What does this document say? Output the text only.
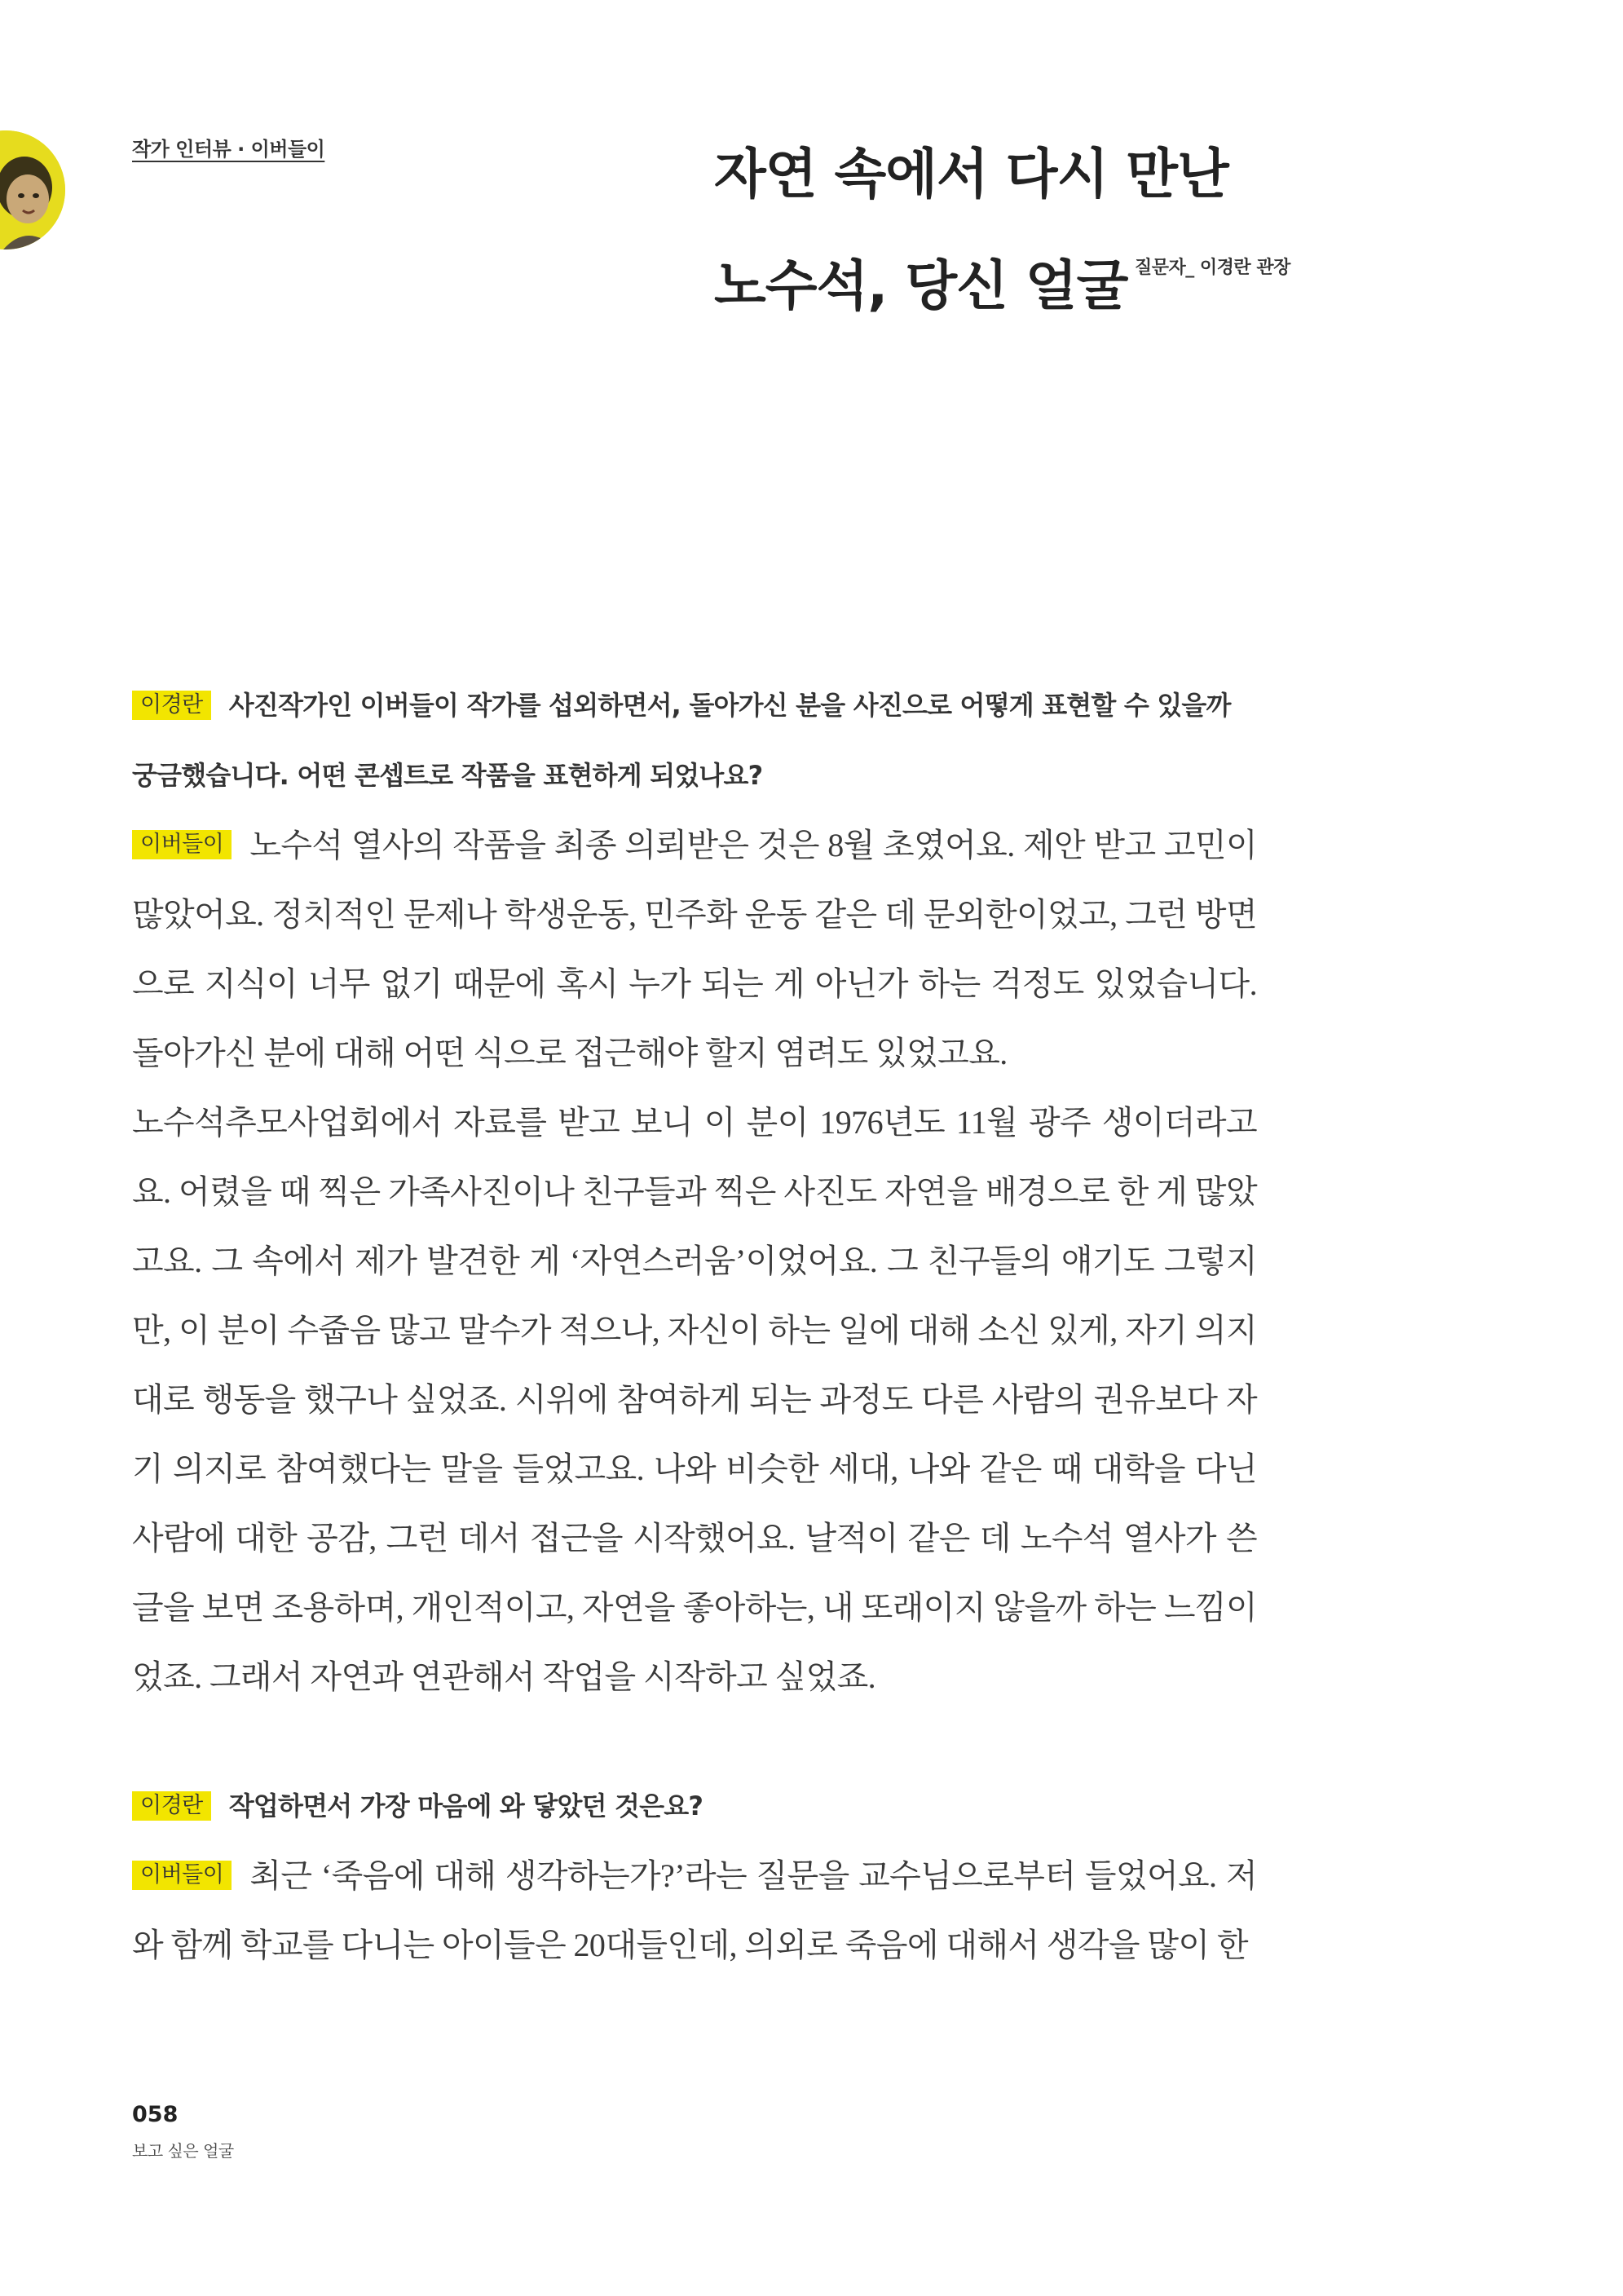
작가 인터뷰 · 이버들이	자연 속에서 다시 만난
노수석, 당신 얼굴 질문자_ 이경란 관장

이경란 사진작가인 이버들이 작가를 섭외하면서, 돌아가신 분을 사진으로 어떻게 표현할 수 있을까 궁금했습니다. 어떤 콘셉트로 작품을 표현하게 되었나요?

이버들이 노수석 열사의 작품을 최종 의뢰받은 것은 8월 초였어요. 제안 받고 고민이 많았어요. 정치적인 문제나 학생운동, 민주화 운동 같은 데 문외한이었고, 그런 방면으로 지식이 너무 없기 때문에 혹시 누가 되는 게 아닌가 하는 걱정도 있었습니다. 돌아가신 분에 대해 어떤 식으로 접근해야 할지 염려도 있었고요.

노수석추모사업회에서 자료를 받고 보니 이 분이 1976년도 11월 광주 생이더라고요. 어렸을 때 찍은 가족사진이나 친구들과 찍은 사진도 자연을 배경으로 한 게 많았고요. 그 속에서 제가 발견한 게 ‘자연스러움’이었어요. 그 친구들의 얘기도 그렇지만, 이 분이 수줍음 많고 말수가 적으나, 자신이 하는 일에 대해 소신 있게, 자기 의지대로 행동을 했구나 싶었죠. 시위에 참여하게 되는 과정도 다른 사람의 권유보다 자기 의지로 참여했다는 말을 들었고요. 나와 비슷한 세대, 나와 같은 때 대학을 다닌 사람에 대한 공감, 그런 데서 접근을 시작했어요. 날적이 같은 데 노수석 열사가 쓴 글을 보면 조용하며, 개인적이고, 자연을 좋아하는, 내 또래이지 않을까 하는 느낌이었죠. 그래서 자연과 연관해서 작업을 시작하고 싶었죠.

이경란 작업하면서 가장 마음에 와 닿았던 것은요?

이버들이 최근 ‘죽음에 대해 생각하는가?’라는 질문을 교수님으로부터 들었어요. 저와 함께 학교를 다니는 아이들은 20대들인데, 의외로 죽음에 대해서 생각을 많이 한

058
보고 싶은 얼굴
